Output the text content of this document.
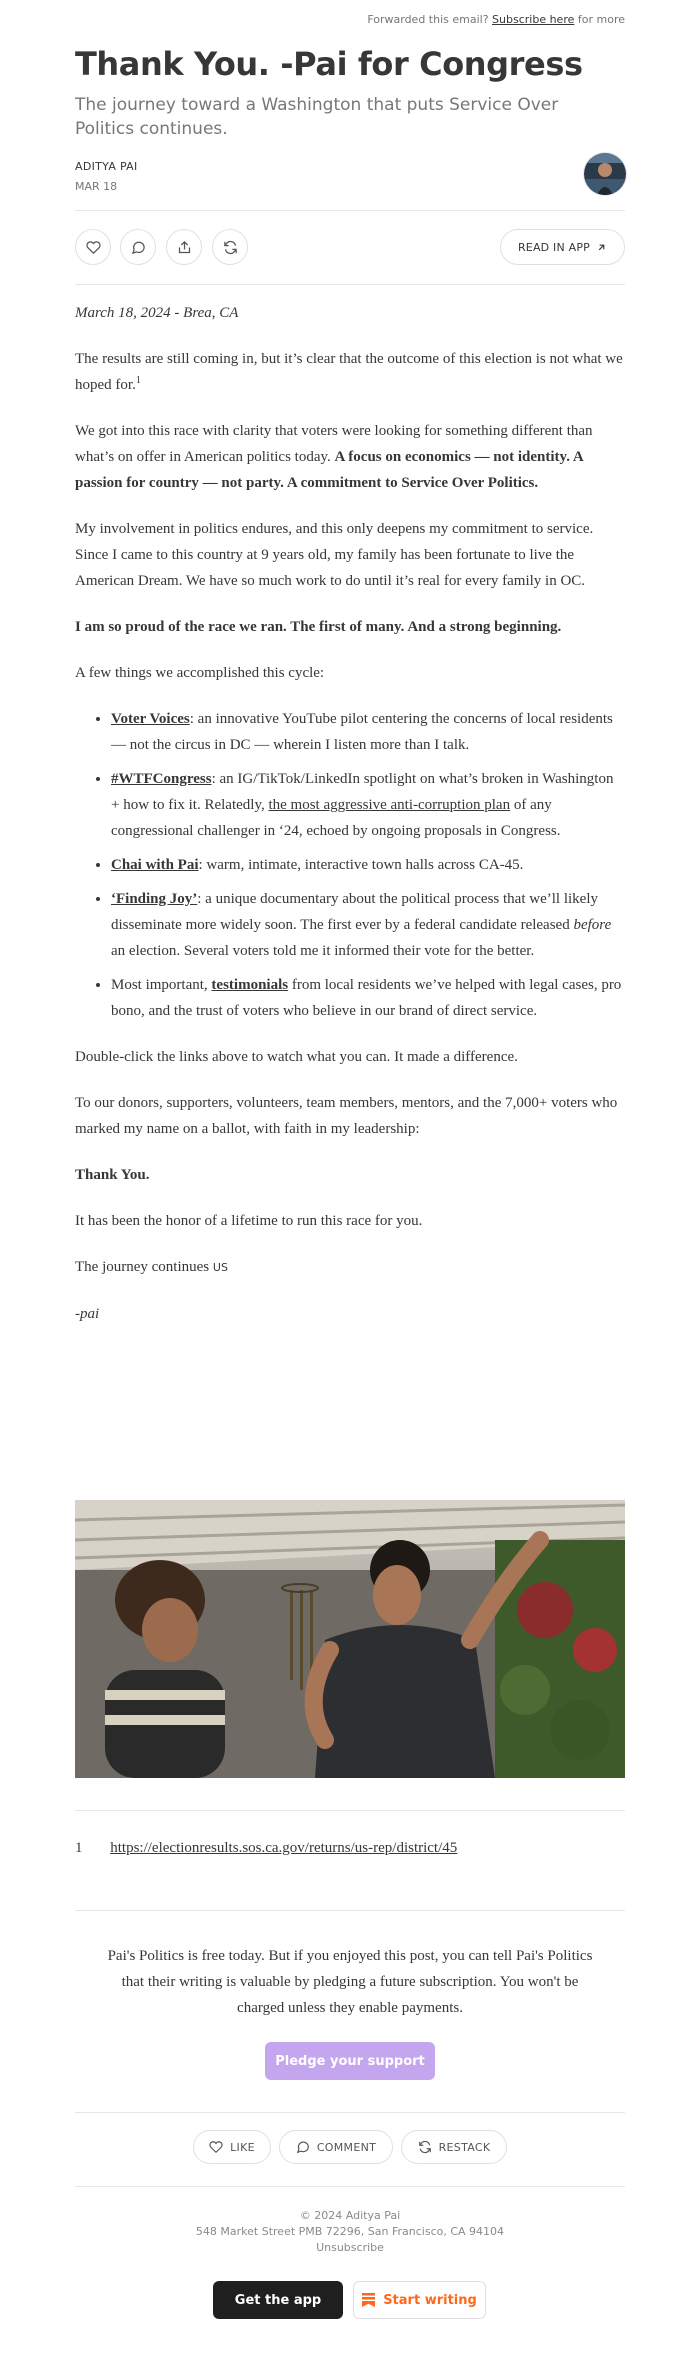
Forwarded this email? Subscribe here for more
Thank You. -Pai for Congress
The journey toward a Washington that puts Service Over Politics continues.
ADITYA PAI
MAR 18
READ IN APP

March 18, 2024 - Brea, CA

The results are still coming in, but it’s clear that the outcome of this election is not what we hoped for.$^1$

We got into this race with clarity that voters were looking for something different than what’s on offer in American politics today. A focus on economics — not identity. A passion for country — not party. A commitment to Service Over Politics.

My involvement in politics endures, and this only deepens my commitment to service. Since I came to this country at 9 years old, my family has been fortunate to live the American Dream. We have so much work to do until it’s real for every family in OC.

I am so proud of the race we ran. The first of many. And a strong beginning.

A few things we accomplished this cycle:

• Voter Voices: an innovative YouTube pilot centering the concerns of local residents — not the circus in DC — wherein I listen more than I talk.
• #WTFCongress: an IG/TikTok/LinkedIn spotlight on what’s broken in Washington + how to fix it. Relatedly, the most aggressive anti-corruption plan of any congressional challenger in ‘24, echoed by ongoing proposals in Congress.
• Chai with Pai: warm, intimate, interactive town halls across CA-45.
• ‘Finding Joy’: a unique documentary about the political process that we’ll likely disseminate more widely soon. The first ever by a federal candidate released before an election. Several voters told me it informed their vote for the better.
• Most important, testimonials from local residents we’ve helped with legal cases, pro bono, and the trust of voters who believe in our brand of direct service.

Double-click the links above to watch what you can. It made a difference.

To our donors, supporters, volunteers, team members, mentors, and the 7,000+ voters who marked my name on a ballot, with faith in my leadership:

Thank You.

It has been the honor of a lifetime to run this race for you.

The journey continues US

-pai

1 https://electionresults.sos.ca.gov/returns/us-rep/district/45
Pai's Politics is free today. But if you enjoyed this post, you can tell Pai's Politics that their writing is valuable by pledging a future subscription. You won't be charged unless they enable payments.
Pledge your support
LIKE	COMMENT	RESTACK
© 2024 Aditya Pai
548 Market Street PMB 72296, San Francisco, CA 94104
Unsubscribe
Get the app	Start writing
